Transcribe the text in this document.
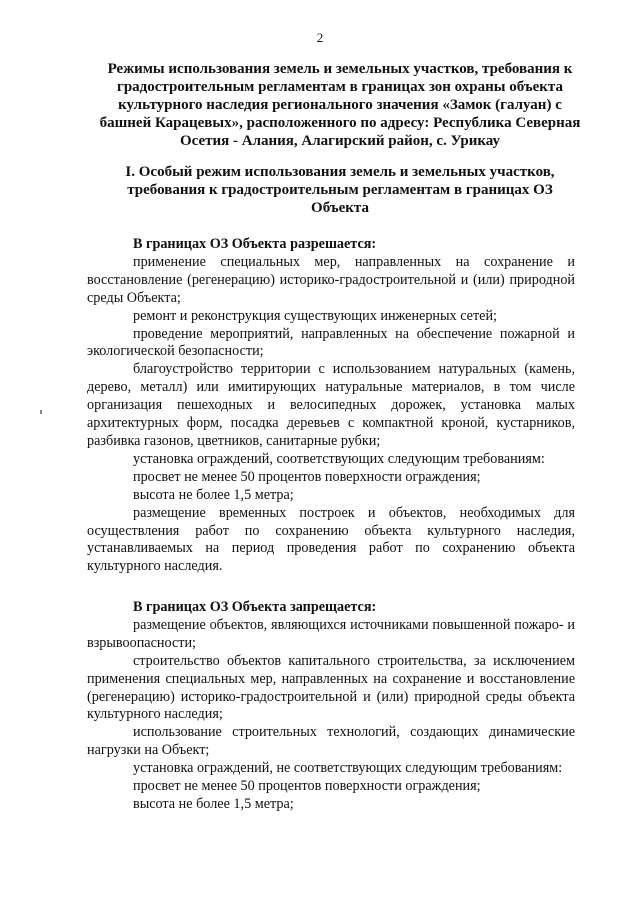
2
Режимы использования земель и земельных участков, требования к градостроительным регламентам в границах зон охраны объекта культурного наследия регионального значения «Замок (галуан) с башней Карацевых», расположенного по адресу: Республика Северная Осетия - Алания, Алагирский район, с. Урикау
I. Особый режим использования земель и земельных участков, требования к градостроительным регламентам в границах ОЗ Объекта
В границах ОЗ Объекта разрешается:

применение специальных мер, направленных на сохранение и восстановление (регенерацию) историко-градостроительной и (или) природной среды Объекта;

ремонт и реконструкция существующих инженерных сетей;

проведение мероприятий, направленных на обеспечение пожарной и экологической безопасности;

благоустройство территории с использованием натуральных (камень, дерево, металл) или имитирующих натуральные материалов, в том числе организация пешеходных и велосипедных дорожек, установка малых архитектурных форм, посадка деревьев с компактной кроной, кустарников, разбивка газонов, цветников, санитарные рубки;

установка ограждений, соответствующих следующим требованиям:

просвет не менее 50 процентов поверхности ограждения;

высота не более 1,5 метра;

размещение временных построек и объектов, необходимых для осуществления работ по сохранению объекта культурного наследия, устанавливаемых на период проведения работ по сохранению объекта культурного наследия.

В границах ОЗ Объекта запрещается:

размещение объектов, являющихся источниками повышенной пожаро- и взрывоопасности;

строительство объектов капитального строительства, за исключением применения специальных мер, направленных на сохранение и восстановление (регенерацию) историко-градостроительной и (или) природной среды объекта культурного наследия;

использование строительных технологий, создающих динамические нагрузки на Объект;

установка ограждений, не соответствующих следующим требованиям:

просвет не менее 50 процентов поверхности ограждения;

высота не более 1,5 метра;
